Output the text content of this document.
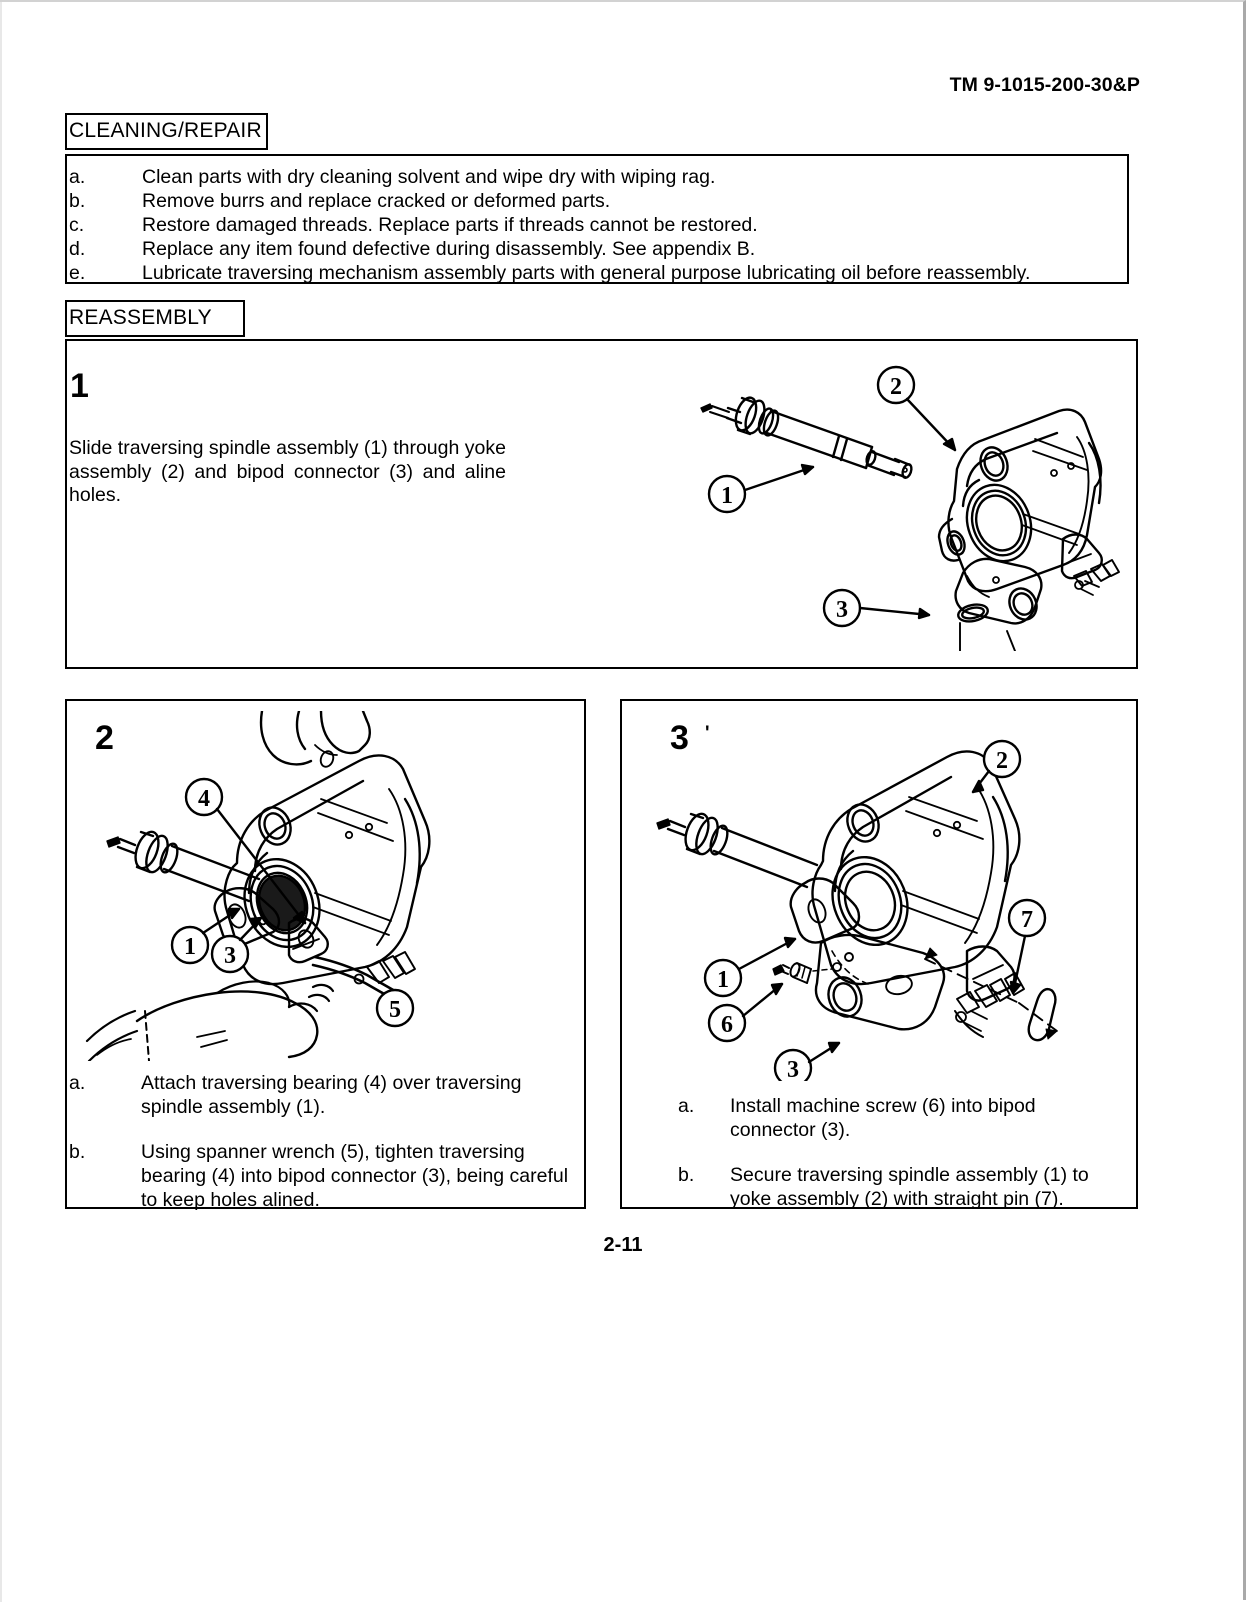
TM 9-1015-200-30&P
CLEANING/REPAIR
a.	Clean parts with dry cleaning solvent and wipe dry with wiping rag.
b.	Remove burrs and replace cracked or deformed parts.
c.	Restore damaged threads. Replace parts if threads cannot be restored.
d.	Replace any item found defective during disassembly. See appendix B.
e.	Lubricate traversing mechanism assembly parts with general purpose lubricating oil before reassembly.
REASSEMBLY
1
Slide traversing spindle assembly (1) through yoke assembly (2) and bipod connector (3) and aline holes.	1
2
3
2
4
1 3
5
a.	Attach traversing bearing (4) over traversing spindle assembly (1).
b.	Using spanner wrench (5), tighten traversing bearing (4) into bipod connector (3), being careful to keep holes alined.
3 '
1
2
3
6
7
a. Install machine screw (6) into bipod connector (3).
b. Secure traversing spindle assembly (1) to yoke assembly (2) with straight pin (7).
2-11
